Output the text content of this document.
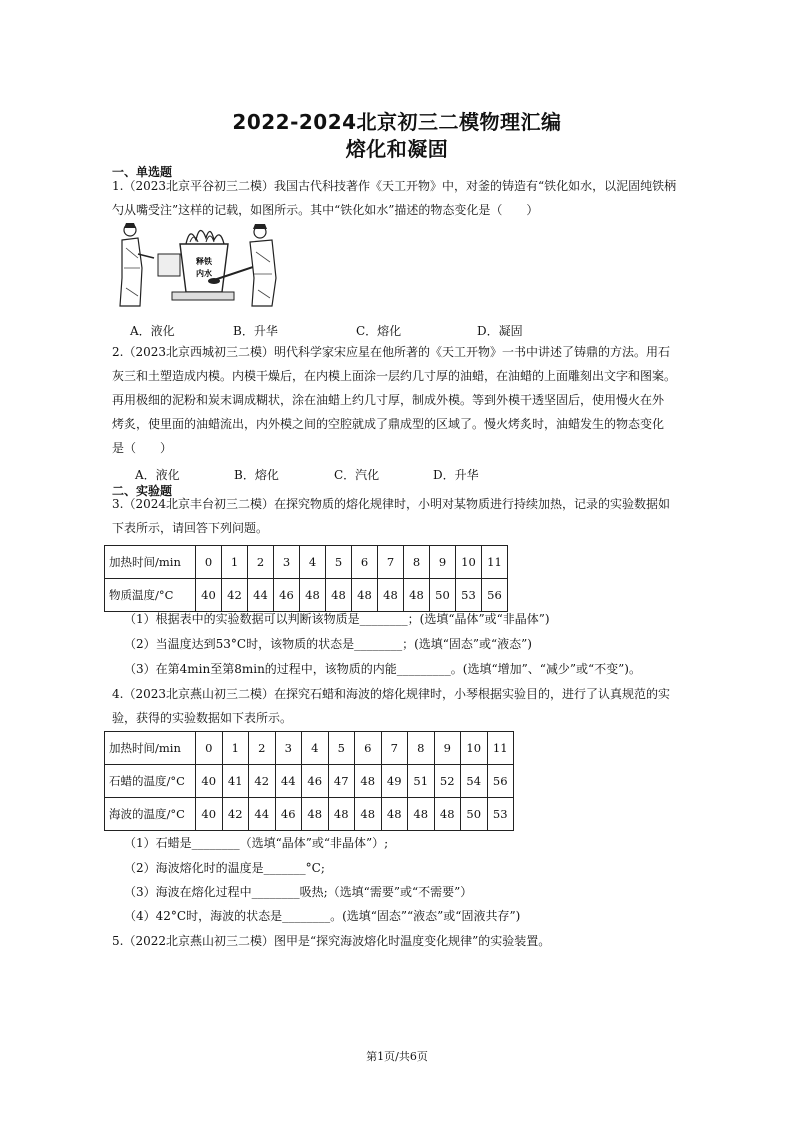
2022-2024北京初三二模物理汇编
熔化和凝固
一、单选题
1.（2023北京平谷初三二模）我国古代科技著作《天工开物》中，对釜的铸造有“铁化如水，以泥固纯铁柄
勺从嘴受注”这样的记载，如图所示。其中“铁化如水”描述的物态变化是（　　）
释铁
内水
A．液化	B．升华	C．熔化	D．凝固
2.（2023北京西城初三二模）明代科学家宋应星在他所著的《天工开物》一书中讲述了铸鼎的方法。用石
灰三和土塑造成内模。内模干燥后，在内模上面涂一层约几寸厚的油蜡，在油蜡的上面雕刻出文字和图案。
再用极细的泥粉和炭末调成糊状，涂在油蜡上约几寸厚，制成外模。等到外模干透坚固后，使用慢火在外
烤炙，使里面的油蜡流出，内外模之间的空腔就成了鼎成型的区域了。慢火烤炙时，油蜡发生的物态变化
是（　　）
A．液化	B．熔化	C．汽化	D．升华
二、实验题
3.（2024北京丰台初三二模）在探究物质的熔化规律时，小明对某物质进行持续加热，记录的实验数据如
下表所示，请回答下列问题。
加热时间/min	0	1	2	3	4	5	6	7	8	9	10	11
物质温度/°C	40	42	44	46	48	48	48	48	48	50	53	56
（1）根据表中的实验数据可以判断该物质是________；(选填“晶体”或“非晶体”)
（2）当温度达到53°C时，该物质的状态是________；(选填“固态”或“液态”)
（3）在第4min至第8min的过程中，该物质的内能_________。(选填“增加”、“减少”或“不变”)。
4.（2023北京燕山初三二模）在探究石蜡和海波的熔化规律时，小琴根据实验目的，进行了认真规范的实
验，获得的实验数据如下表所示。
加热时间/min	0	1	2	3	4	5	6	7	8	9	10	11
石蜡的温度/°C	40	41	42	44	46	47	48	49	51	52	54	56
海波的温度/°C	40	42	44	46	48	48	48	48	48	48	50	53
（1）石蜡是________（选填“晶体”或“非晶体”）;
（2）海波熔化时的温度是_______°C;
（3）海波在熔化过程中________吸热;（选填“需要”或“不需要”）
（4）42°C时，海波的状态是________。(选填“固态”“液态”或“固液共存”)
5.（2022北京燕山初三二模）图甲是“探究海波熔化时温度变化规律”的实验装置。
第1页/共6页
